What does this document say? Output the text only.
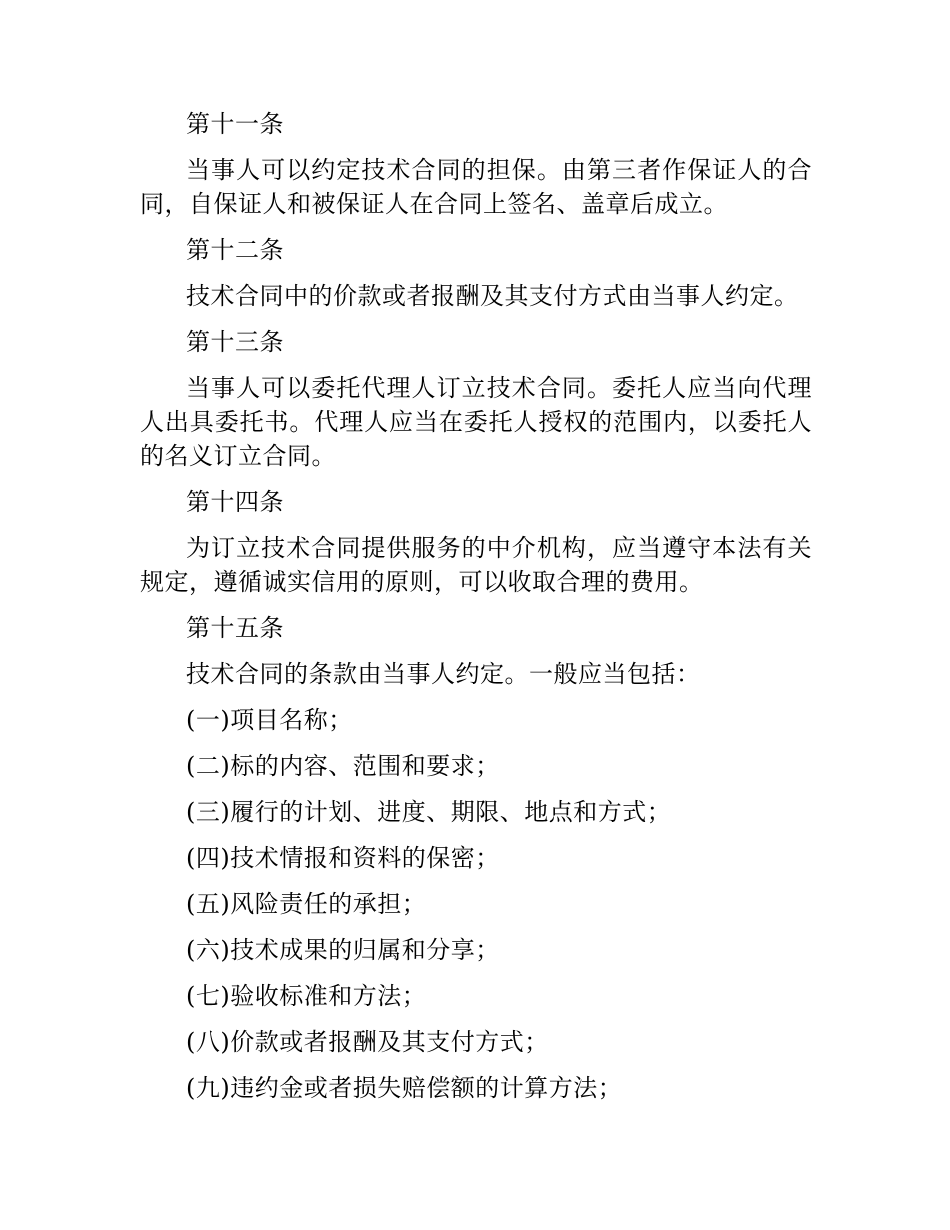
第十一条

当事人可以约定技术合同的担保。由第三者作保证人的合同，自保证人和被保证人在合同上签名、盖章后成立。

第十二条

技术合同中的价款或者报酬及其支付方式由当事人约定。

第十三条

当事人可以委托代理人订立技术合同。委托人应当向代理人出具委托书。代理人应当在委托人授权的范围内，以委托人的名义订立合同。

第十四条

为订立技术合同提供服务的中介机构，应当遵守本法有关规定，遵循诚实信用的原则，可以收取合理的费用。

第十五条

技术合同的条款由当事人约定。一般应当包括：

(一)项目名称；

(二)标的内容、范围和要求；

(三)履行的计划、进度、期限、地点和方式；

(四)技术情报和资料的保密；

(五)风险责任的承担；

(六)技术成果的归属和分享；

(七)验收标准和方法；

(八)价款或者报酬及其支付方式；

(九)违约金或者损失赔偿额的计算方法；
